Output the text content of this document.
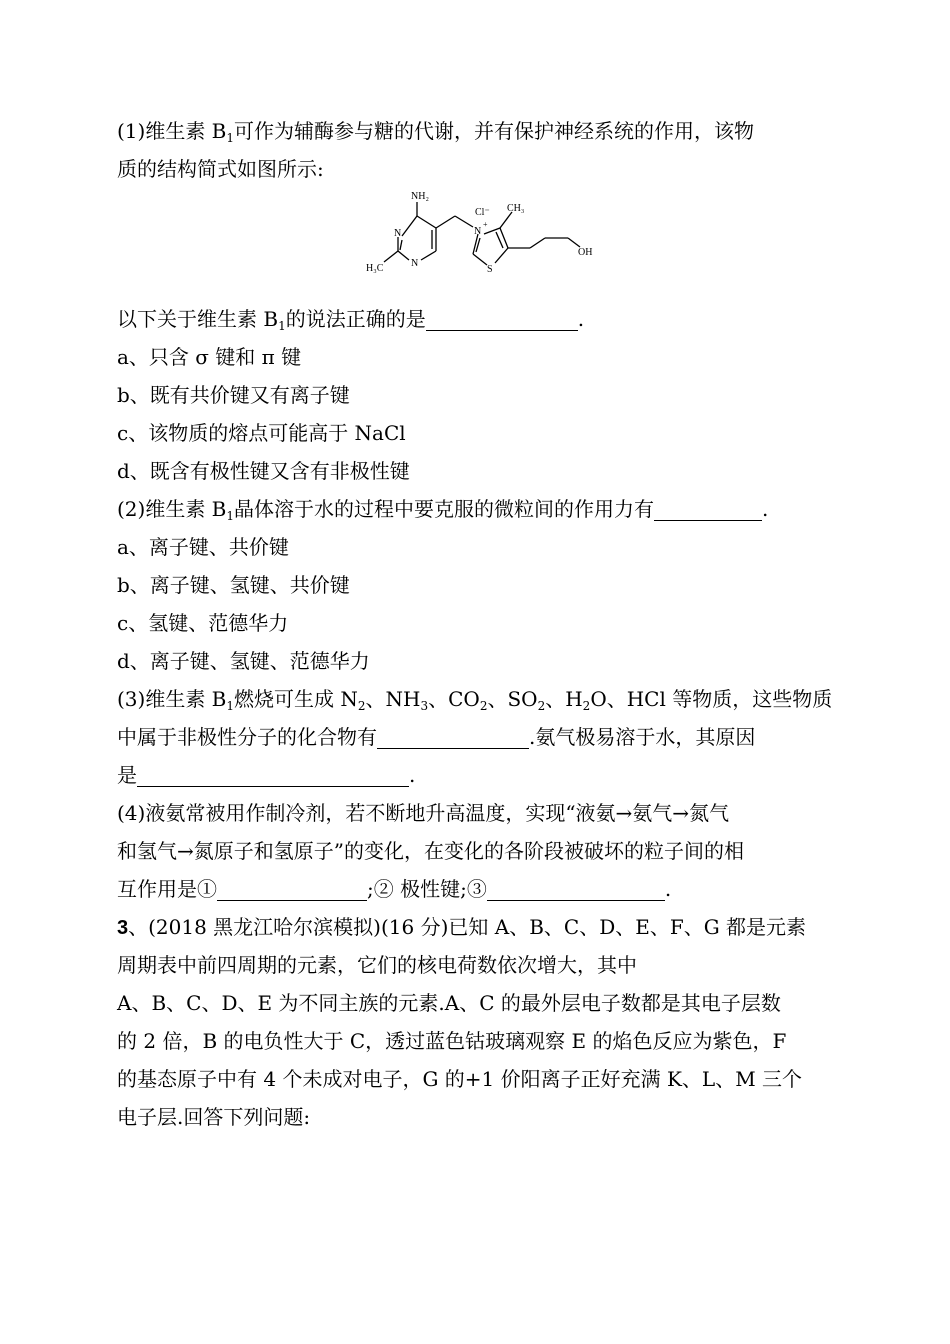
(1)维生素 $B_1$可作为辅酶参与糖的代谢，并有保护神经系统的作用，该物
质的结构简式如图所示:
NH₂
N
N
H₃C
N
+
Cl⁻ CH₃
S
OH
以下关于维生素 $B_1$的说法正确的是	.
a、只含 σ 键和 π 键
b、既有共价键又有离子键
c、该物质的熔点可能高于 NaCl
d、既含有极性键又含有非极性键
(2)维生素 $B_1$晶体溶于水的过程中要克服的微粒间的作用力有	.
a、离子键、共价键
b、离子键、氢键、共价键
c、氢键、范德华力
d、离子键、氢键、范德华力
(3)维生素 $B_1$燃烧可生成 $N_2$、$NH_3$、$CO_2$、$SO_2$、$H_2O$、HCl 等物质，这些物质
中属于非极性分子的化合物有	.氨气极易溶于水，其原因
是	.
(4)液氨常被用作制冷剂，若不断地升高温度，实现“液氨→氨气→氮气
和氢气→氮原子和氢原子”的变化，在变化的各阶段被破坏的粒子间的相
互作用是①	;② 极性键;③	.
3、(2018 黑龙江哈尔滨模拟)(16 分)已知 A、B、C、D、E、F、G 都是元素
周期表中前四周期的元素，它们的核电荷数依次增大，其中
A、B、C、D、E 为不同主族的元素.A、C 的最外层电子数都是其电子层数
的 2 倍，B 的电负性大于 C，透过蓝色钴玻璃观察 E 的焰色反应为紫色，F
的基态原子中有 4 个未成对电子，G 的+1 价阳离子正好充满 K、L、M 三个
电子层.回答下列问题:
